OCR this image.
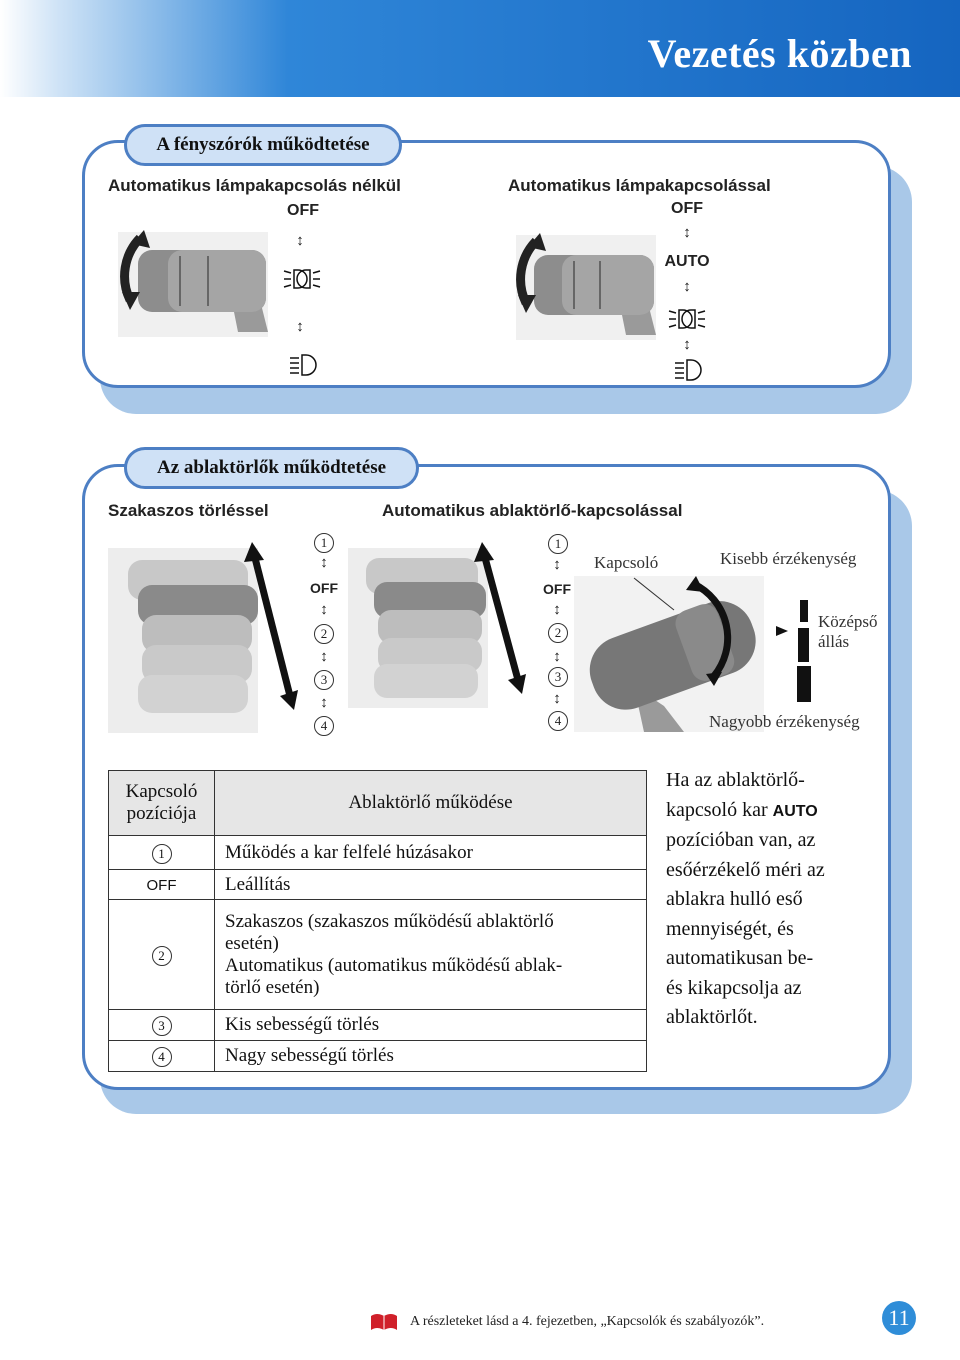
Vezetés közben
A fényszórók működtetése
Automatikus lámpakapcsolás nélkül	Automatikus lámpakapcsolással
OFF
↕
↕
OFF
↕
AUTO
↕
↕
Az ablaktörlők működtetése
Szakaszos törléssel	Automatikus ablaktörlő-kapcsolással
1
↕
OFF
↕
2
↕
3
↕
4
1
↕
OFF
↕
2
↕
3
↕
4
Kapcsoló	Kisebb érzékenység
Középső
állás
Nagyobb érzékenység
Kapcsoló
pozíciója	Ablaktörlő működése
1	Működés a kar felfelé húzásakor
OFF	Leállítás
2	Szakaszos (szakaszos működésű ablaktörlő
esetén)
Automatikus (automatikus működésű ablak-
törlő esetén)
3	Kis sebességű törlés
4	Nagy sebességű törlés
Ha az ablaktörlő-
kapcsoló kar AUTO
pozícióban van, az
esőérzékelő méri az
ablakra hulló eső
mennyiségét, és
automatikusan be-
és kikapcsolja az
ablaktörlőt.
A részleteket lásd a 4. fejezetben, „Kapcsolók és szabályozók”.	11
